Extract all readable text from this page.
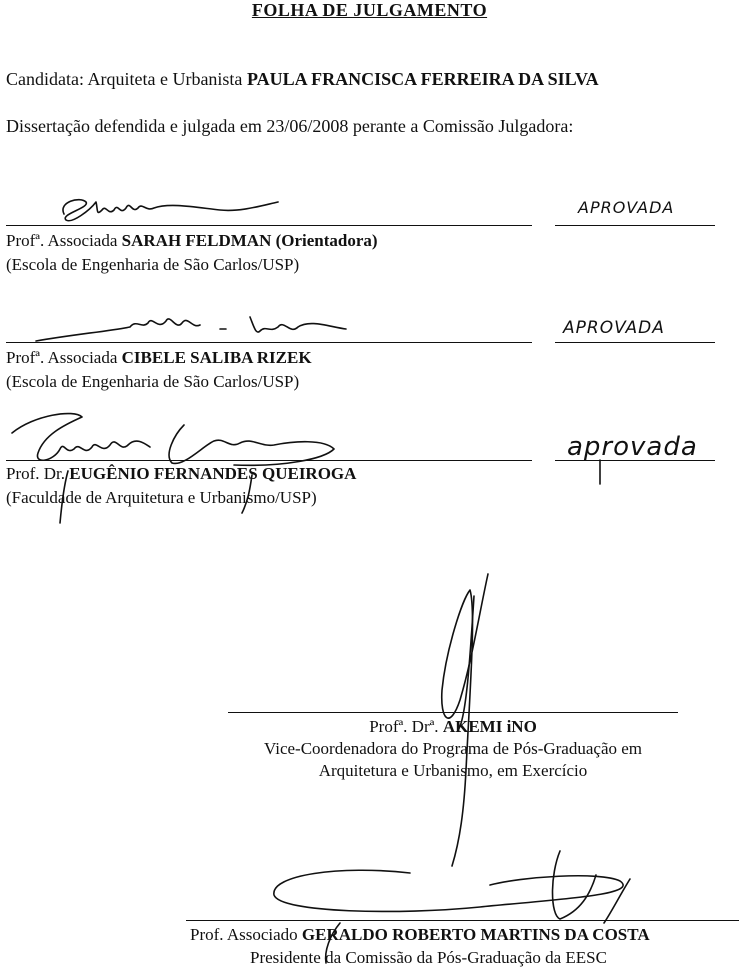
FOLHA DE JULGAMENTO
Candidata: Arquiteta e Urbanista PAULA FRANCISCA FERREIRA DA SILVA
Dissertação defendida e julgada em 23/06/2008 perante a Comissão Julgadora:
Profª. Associada SARAH FELDMAN (Orientadora)
(Escola de Engenharia de São Carlos/USP)
APROVADA
Profª. Associada CIBELE SALIBA RIZEK
(Escola de Engenharia de São Carlos/USP)
APROVADA
Prof. Dr. EUGÊNIO FERNANDES QUEIROGA
(Faculdade de Arquitetura e Urbanismo/USP)
aprovada
Profª. Drª. AKEMI iNO
Vice-Coordenadora do Programa de Pós-Graduação em
Arquitetura e Urbanismo, em Exercício
Prof. Associado GERALDO ROBERTO MARTINS DA COSTA
Presidente da Comissão da Pós-Graduação da EESC
